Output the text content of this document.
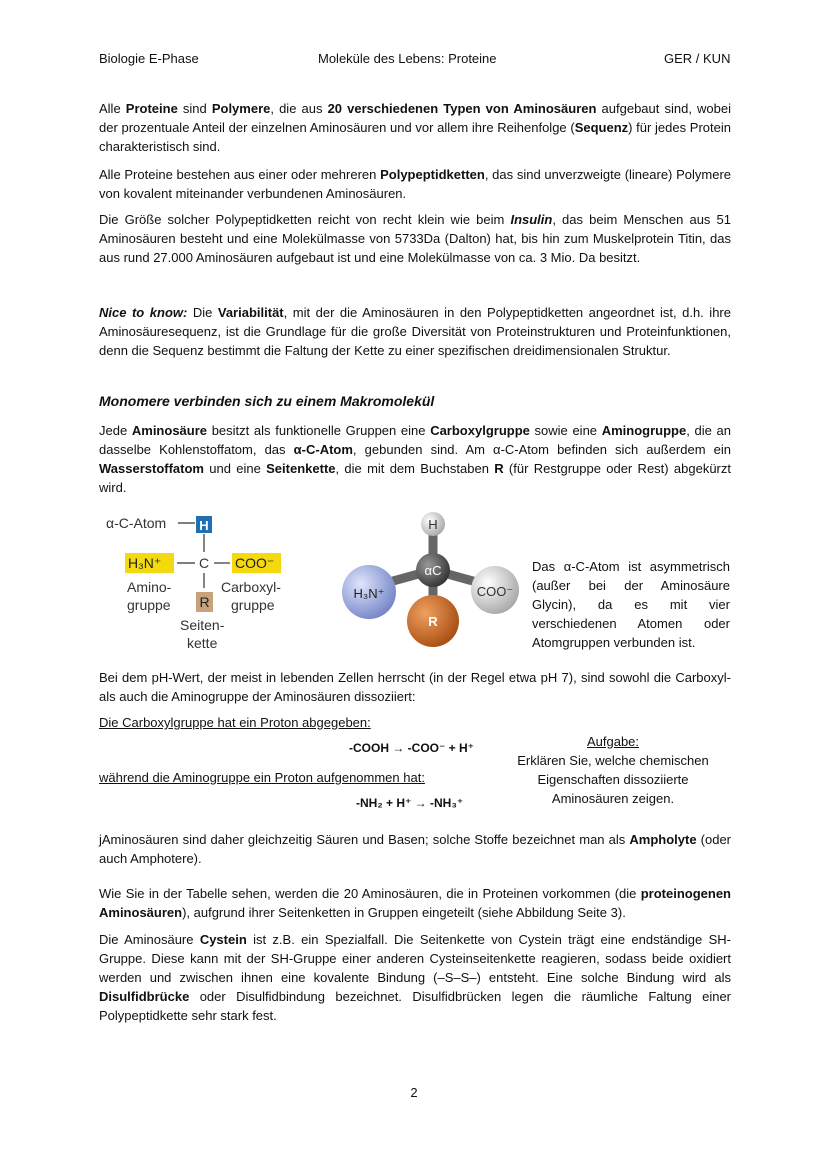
Biologie E-Phase	Moleküle des Lebens: Proteine	GER / KUN

Alle Proteine sind Polymere, die aus 20 verschiedenen Typen von Aminosäuren aufgebaut sind, wobei der prozentuale Anteil der einzelnen Aminosäuren und vor allem ihre Reihenfolge (Sequenz) für jedes Protein charakteristisch sind.

Alle Proteine bestehen aus einer oder mehreren Polypeptidketten, das sind unverzweigte (lineare) Polymere von kovalent miteinander verbundenen Aminosäuren.

Die Größe solcher Polypeptidketten reicht von recht klein wie beim Insulin, das beim Menschen aus 51 Aminosäuren besteht und eine Molekülmasse von 5733Da (Dalton) hat, bis hin zum Muskelprotein Titin, das aus rund 27.000 Aminosäuren aufgebaut ist und eine Molekülmasse von ca. 3 Mio. Da besitzt.

Nice to know: Die Variabilität, mit der die Aminosäuren in den Polypeptidketten angeordnet ist, d.h. ihre Aminosäuresequenz, ist die Grundlage für die große Diversität von Proteinstrukturen und Proteinfunktionen, denn die Sequenz bestimmt die Faltung der Kette zu einer spezifischen dreidimensionalen Struktur.

Monomere verbinden sich zu einem Makromolekül

Jede Aminosäure besitzt als funktionelle Gruppen eine Carboxylgruppe sowie eine Aminogruppe, die an dasselbe Kohlenstoffatom, das α-C-Atom, gebunden sind. Am α-C-Atom befinden sich außerdem ein Wasserstoffatom und eine Seitenkette, die mit dem Buchstaben R (für Restgruppe oder Rest) abgekürzt wird.

α-C-Atom	H
H₃N⁺	C COO⁻
R
Amino-
gruppe
Carboxyl-
gruppe
Seiten-
kette
H
H₃N⁺	COO⁻
αC
R

Das α-C-Atom ist asymmetrisch (außer bei der Aminosäure Glycin), da es mit vier verschiedenen Atomen oder Atomgruppen verbunden ist.

Bei dem pH-Wert, der meist in lebenden Zellen herrscht (in der Regel etwa pH 7), sind sowohl die Carboxyl- als auch die Aminogruppe der Aminosäuren dissoziiert:

Die Carboxylgruppe hat ein Proton abgegeben:
-COOH → -COO⁻ + H⁺
während die Aminogruppe ein Proton aufgenommen hat:
-NH₂ + H⁺ → -NH₃⁺
Aufgabe:
Erklären Sie, welche chemischen Eigenschaften dissoziierte Aminosäuren zeigen.

jAminosäuren sind daher gleichzeitig Säuren und Basen; solche Stoffe bezeichnet man als Ampholyte (oder auch Amphotere).

Wie Sie in der Tabelle sehen, werden die 20 Aminosäuren, die in Proteinen vorkommen (die proteinogenen Aminosäuren), aufgrund ihrer Seitenketten in Gruppen eingeteilt (siehe Abbildung Seite 3).

Die Aminosäure Cystein ist z.B. ein Spezialfall. Die Seitenkette von Cystein trägt eine endständige SH-Gruppe. Diese kann mit der SH-Gruppe einer anderen Cysteinseitenkette reagieren, sodass beide oxidiert werden und zwischen ihnen eine kovalente Bindung (–S–S–) entsteht. Eine solche Bindung wird als Disulfidbrücke oder Disulfidbindung bezeichnet. Disulfidbrücken legen die räumliche Faltung einer Polypeptidkette sehr stark fest.

2
